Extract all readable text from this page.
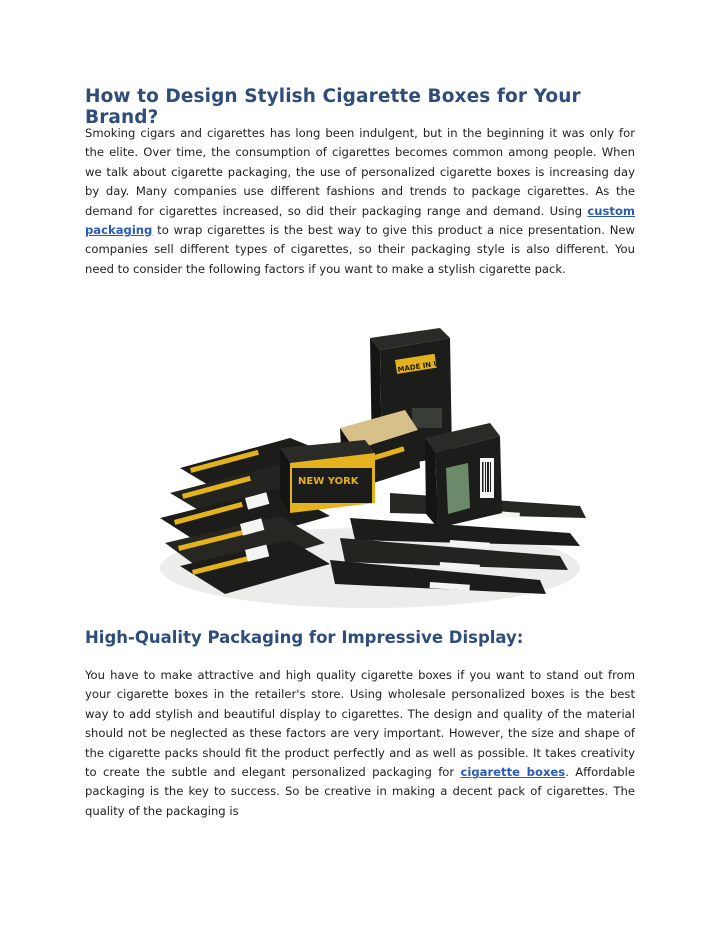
How to Design Stylish Cigarette Boxes for Your Brand?

Smoking cigars and cigarettes has long been indulgent, but in the beginning it was only for the elite. Over time, the consumption of cigarettes becomes common among people. When we talk about cigarette packaging, the use of personalized cigarette boxes is increasing day by day. Many companies use different fashions and trends to package cigarettes. As the demand for cigarettes increased, so did their packaging range and demand. Using custom packaging to wrap cigarettes is the best way to give this product a nice presentation. New companies sell different types of cigarettes, so their packaging style is also different. You need to consider the following factors if you want to make a stylish cigarette pack.

MADE IN USA
NEW YORK
High-Quality Packaging for Impressive Display:

You have to make attractive and high quality cigarette boxes if you want to stand out from your cigarette boxes in the retailer's store. Using wholesale personalized boxes is the best way to add stylish and beautiful display to cigarettes. The design and quality of the material should not be neglected as these factors are very important. However, the size and shape of the cigarette packs should fit the product perfectly and as well as possible. It takes creativity to create the subtle and elegant personalized packaging for cigarette boxes. Affordable packaging is the key to success. So be creative in making a decent pack of cigarettes. The quality of the packaging is
